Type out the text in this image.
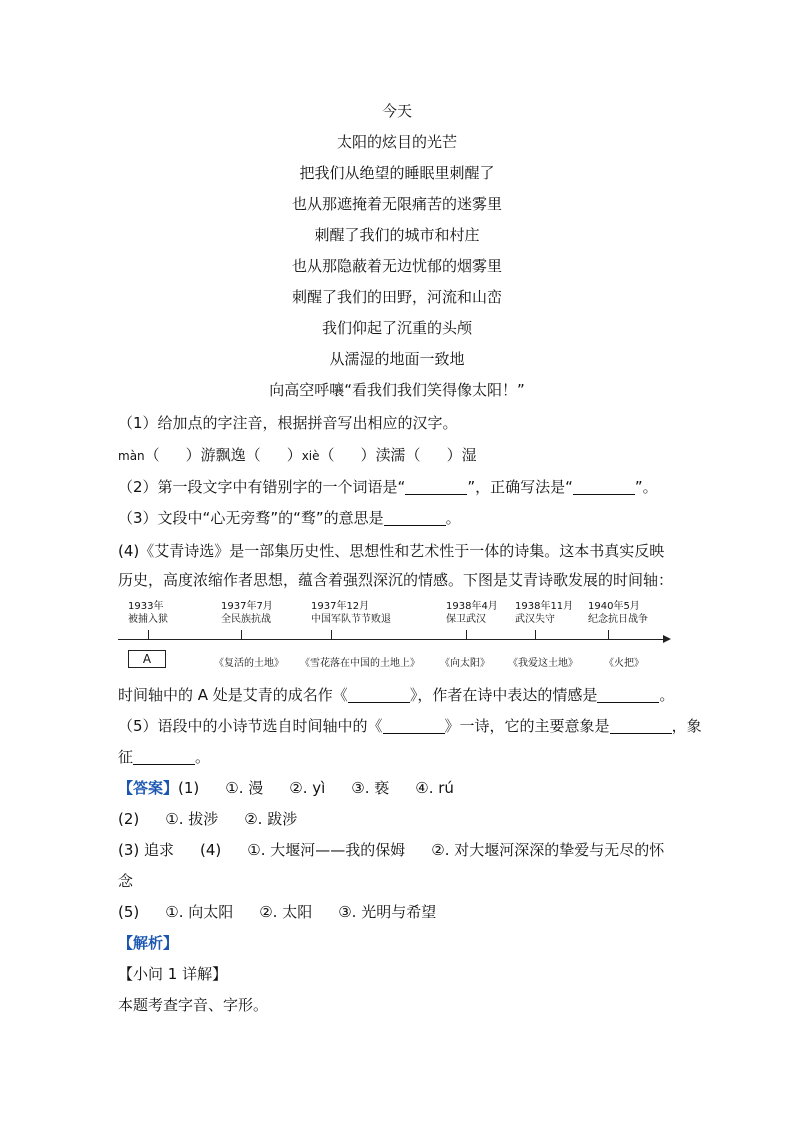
今天
太阳的炫目的光芒
把我们从绝望的睡眠里刺醒了
也从那遮掩着无限痛苦的迷雾里
刺醒了我们的城市和村庄
也从那隐蔽着无边忧郁的烟雾里
刺醒了我们的田野，河流和山峦
我们仰起了沉重的头颅
从濡湿的地面一致地
向高空呼嚷“看我们我们笑得像太阳！”
（1）给加点的字注音，根据拼音写出相应的汉字。
màn（ ）游飘逸（ ）xiè（ ）渎濡（ ）湿
（2）第一段文字中有错别字的一个词语是“	”，正确写法是“	”。
（3）文段中“心无旁骛”的“骛”的意思是	。
(4)《艾青诗选》是一部集历史性、思想性和艺术性于一体的诗集。这本书真实反映历史，高度浓缩作者思想，蕴含着强烈深沉的情感。下图是艾青诗歌发展的时间轴：
A
1933年
被捕入狱
1937年7月
全民族抗战
1937年12月
中国军队节节败退
1938年4月
保卫武汉
1938年11月
武汉失守
1940年5月
纪念抗日战争
《复活的土地》 《雪花落在中国的土地上》 《向太阳》 《我爱这土地》	《火把》
时间轴中的 A 处是艾青的成名作《	》，作者在诗中表达的情感是	。
（5）语段中的小诗节选自时间轴中的《	》一诗，它的主要意象是	，象
征	。
【答案】(1) ①. 漫 ②. yì ③. 亵 ④. rú
(2) ①. 拔涉 ②. 跋涉
(3) 追求 (4) ①. 大堰河——我的保姆 ②. 对大堰河深深的挚爱与无尽的怀
念
(5) ①. 向太阳 ②. 太阳 ③. 光明与希望
【解析】
【小问 1 详解】
本题考查字音、字形。
